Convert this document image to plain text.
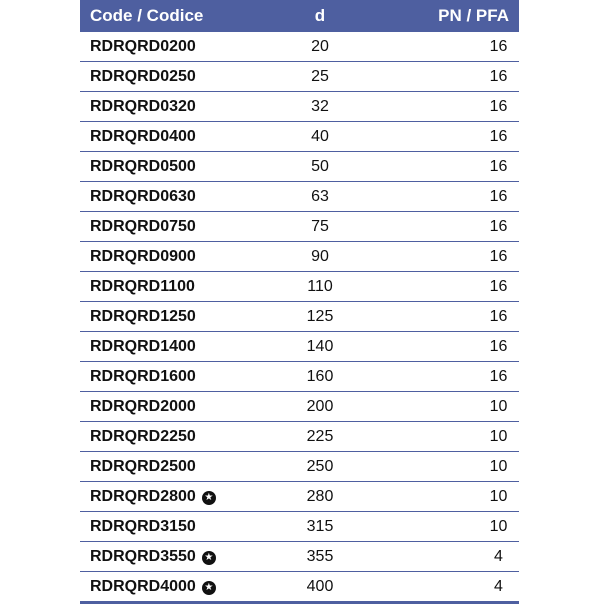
Code / Codice	d	PN / PFA
RDRQRD0200	20	16
RDRQRD0250	25	16
RDRQRD0320	32	16
RDRQRD0400	40	16
RDRQRD0500	50	16
RDRQRD0630	63	16
RDRQRD0750	75	16
RDRQRD0900	90	16
RDRQRD1100	110	16
RDRQRD1250	125	16
RDRQRD1400	140	16
RDRQRD1600	160	16
RDRQRD2000	200	10
RDRQRD2250	225	10
RDRQRD2500	250	10
RDRQRD2800 ★	280	10
RDRQRD3150	315	10
RDRQRD3550 ★	355	4
RDRQRD4000 ★	400	4
